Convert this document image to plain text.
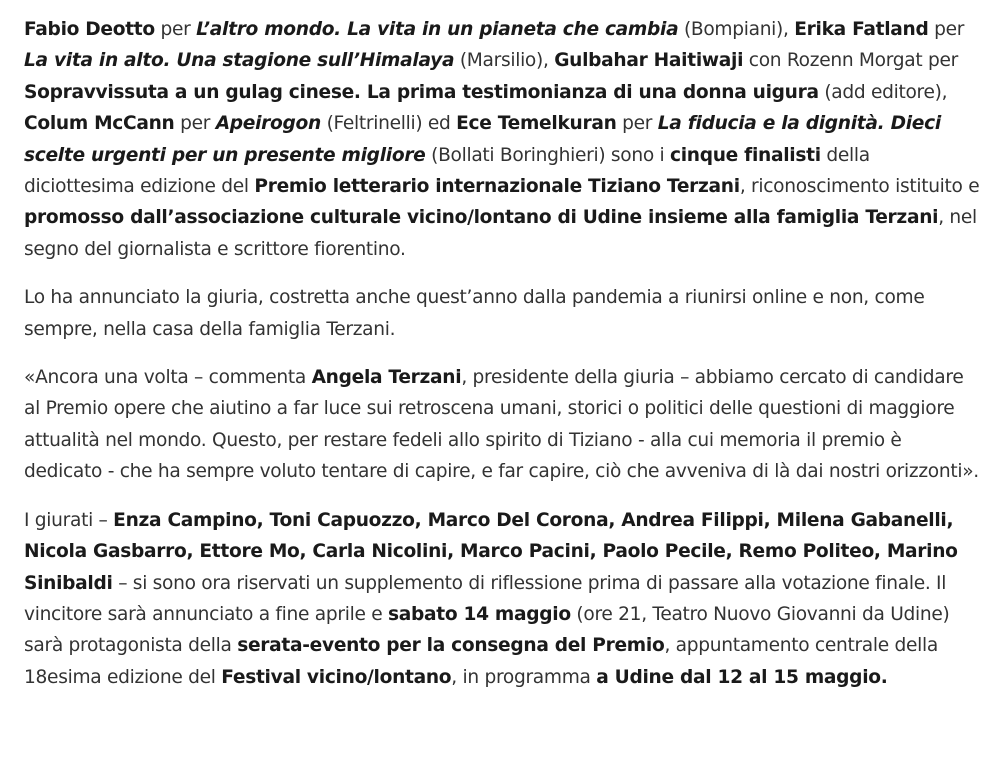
Fabio Deotto per L’altro mondo. La vita in un pianeta che cambia (Bompiani), Erika Fatland per La vita in alto. Una stagione sull’Himalaya (Marsilio), Gulbahar Haitiwaji con Rozenn Morgat per Sopravvissuta a un gulag cinese. La prima testimonianza di una donna uigura (add editore), Colum McCann per Apeirogon (Feltrinelli) ed Ece Temelkuran per La fiducia e la dignità. Dieci scelte urgenti per un presente migliore (Bollati Boringhieri) sono i cinque finalisti della diciottesima edizione del Premio letterario internazionale Tiziano Terzani, riconoscimento istituito e promosso dall’associazione culturale vicino/lontano di Udine insieme alla famiglia Terzani, nel segno del giornalista e scrittore fiorentino.

Lo ha annunciato la giuria, costretta anche quest’anno dalla pandemia a riunirsi online e non, come sempre, nella casa della famiglia Terzani.

«Ancora una volta – commenta Angela Terzani, presidente della giuria – abbiamo cercato di candidare al Premio opere che aiutino a far luce sui retroscena umani, storici o politici delle questioni di maggiore attualità nel mondo. Questo, per restare fedeli allo spirito di Tiziano - alla cui memoria il premio è dedicato - che ha sempre voluto tentare di capire, e far capire, ciò che avveniva di là dai nostri orizzonti».

I giurati – Enza Campino, Toni Capuozzo, Marco Del Corona, Andrea Filippi, Milena Gabanelli, Nicola Gasbarro, Ettore Mo, Carla Nicolini, Marco Pacini, Paolo Pecile, Remo Politeo, Marino Sinibaldi – si sono ora riservati un supplemento di riflessione prima di passare alla votazione finale. Il vincitore sarà annunciato a fine aprile e sabato 14 maggio (ore 21, Teatro Nuovo Giovanni da Udine) sarà protagonista della serata-evento per la consegna del Premio, appuntamento centrale della 18esima edizione del Festival vicino/lontano, in programma a Udine dal 12 al 15 maggio.
